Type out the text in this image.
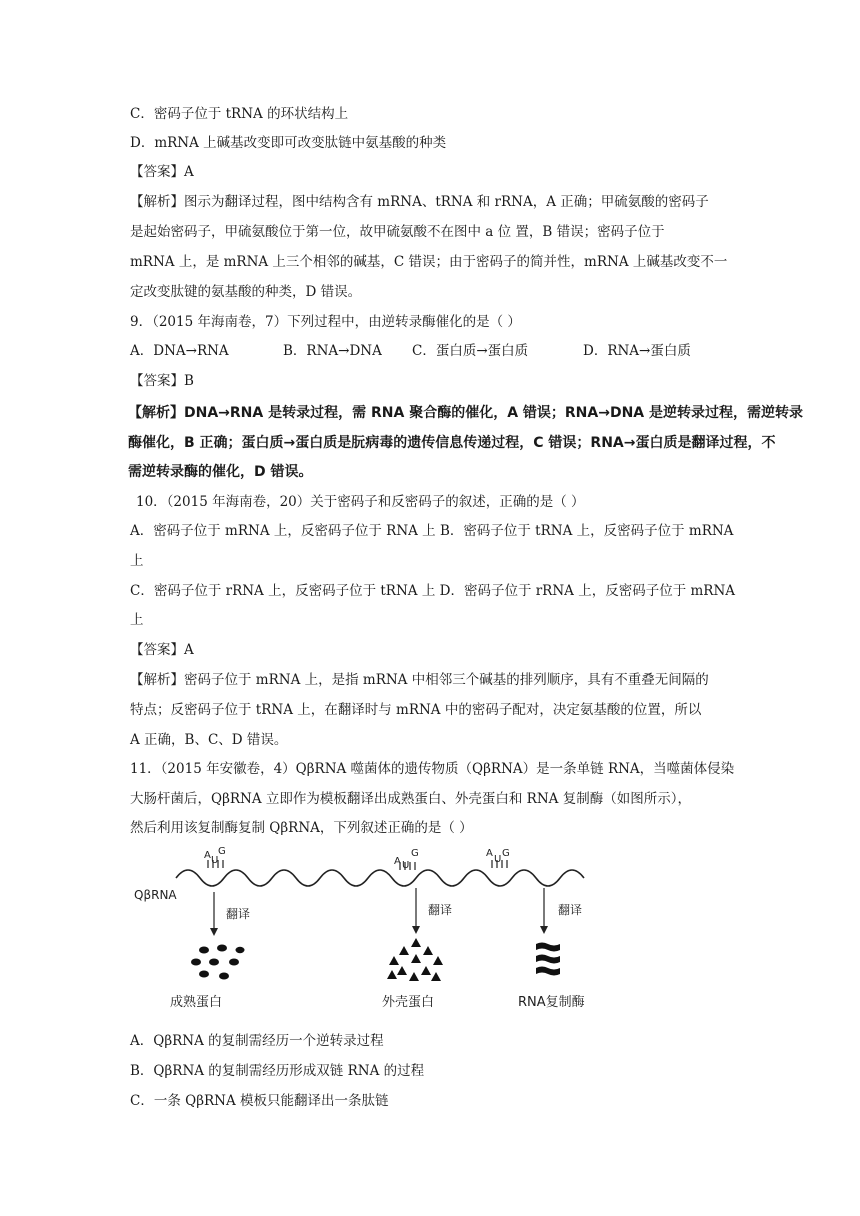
C．密码子位于 tRNA 的环状结构上
D．mRNA 上碱基改变即可改变肽链中氨基酸的种类
【答案】A
【解析】图示为翻译过程，图中结构含有 mRNA、tRNA 和 rRNA，A 正确；甲硫氨酸的密码子
是起始密码子，甲硫氨酸位于第一位，故甲硫氨酸不在图中 a 位 置，B 错误；密码子位于
mRNA 上，是 mRNA 上三个相邻的碱基，C 错误；由于密码子的简并性，mRNA 上碱基改变不一
定改变肽键的氨基酸的种类，D 错误。
9．（2015 年海南卷，7）下列过程中，由逆转录酶催化的是（ ）
A．DNA→RNA	B．RNA→DNA C．蛋白质→蛋白质	D．RNA→蛋白质
【答案】B
【解析】DNA→RNA 是转录过程，需 RNA 聚合酶的催化，A 错误；RNA→DNA 是逆转录过程，需逆转录
酶催化，B 正确；蛋白质→蛋白质是朊病毒的遗传信息传递过程，C 错误；RNA→蛋白质是翻译过程，不
需逆转录酶的催化，D 错误。
10．（2015 年海南卷，20）关于密码子和反密码子的叙述，正确的是（ ）
A．密码子位于 mRNA 上，反密码子位于 RNA 上 B．密码子位于 tRNA 上，反密码子位于 mRNA
上
C．密码子位于 rRNA 上，反密码子位于 tRNA 上 D．密码子位于 rRNA 上，反密码子位于 mRNA
上
【答案】A
【解析】密码子位于 mRNA 上，是指 mRNA 中相邻三个碱基的排列顺序，具有不重叠无间隔的
特点；反密码子位于 tRNA 上，在翻译时与 mRNA 中的密码子配对，决定氨基酸的位置，所以
A 正确，B、C、D 错误。
11．（2015 年安徽卷，4）QβRNA 噬菌体的遗传物质（QβRNA）是一条单链 RNA，当噬菌体侵染
大肠杆菌后，QβRNA 立即作为模板翻译出成熟蛋白、外壳蛋白和 RNA 复制酶（如图所示），
然后利用该复制酶复制 QβRNA，下列叙述正确的是（ ）
QβRNA
A U
G
A U
G	A
U
G
翻译	翻译	翻译
成熟蛋白	外壳蛋白	RNA复制酶
A．QβRNA 的复制需经历一个逆转录过程
B．QβRNA 的复制需经历形成双链 RNA 的过程
C．一条 QβRNA 模板只能翻译出一条肽链
